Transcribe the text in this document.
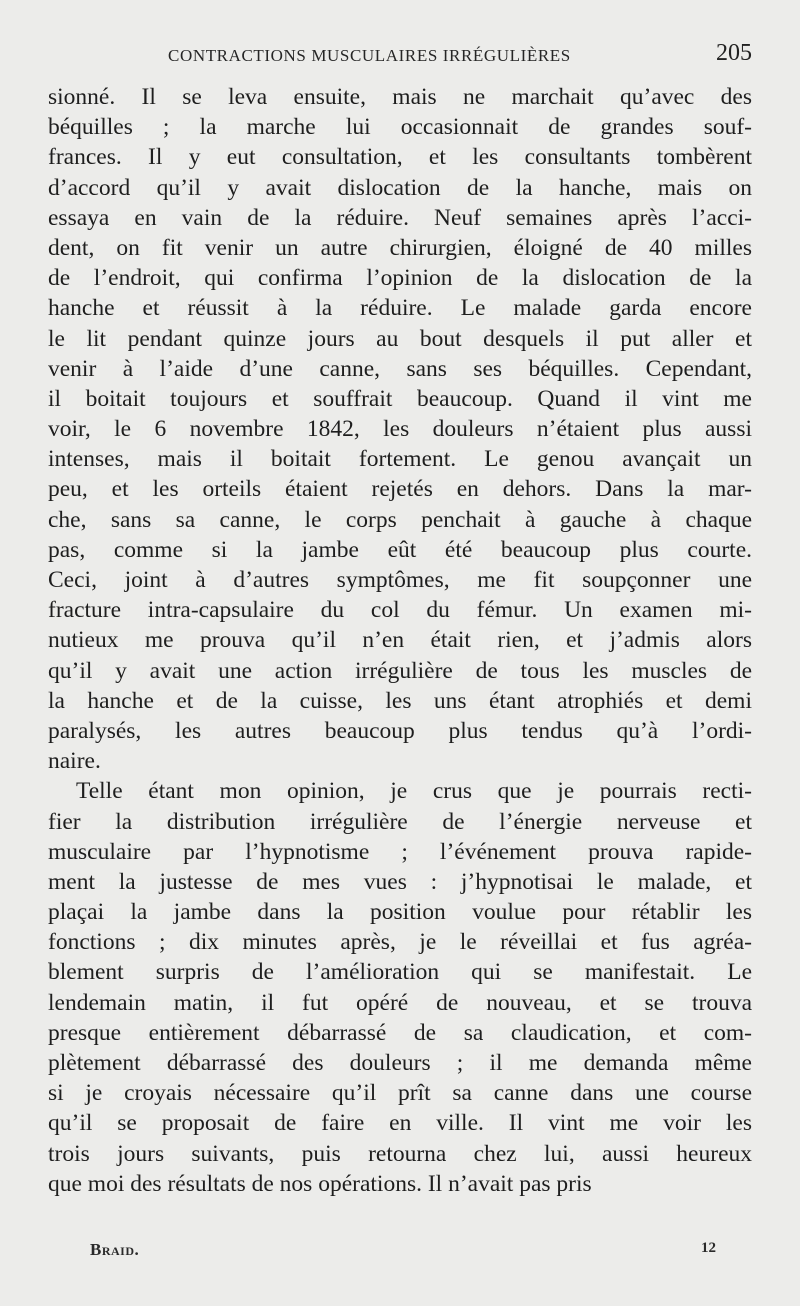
CONTRACTIONS MUSCULAIRES IRRÉGULIÈRES	205
sionné. Il se leva ensuite, mais ne marchait qu’avec des
béquilles ; la marche lui occasionnait de grandes souf-
frances. Il y eut consultation, et les consultants tombèrent
d’accord qu’il y avait dislocation de la hanche, mais on
essaya en vain de la réduire. Neuf semaines après l’acci-
dent, on fit venir un autre chirurgien, éloigné de 40 milles
de l’endroit, qui confirma l’opinion de la dislocation de la
hanche et réussit à la réduire. Le malade garda encore
le lit pendant quinze jours au bout desquels il put aller et
venir à l’aide d’une canne, sans ses béquilles. Cependant,
il boitait toujours et souffrait beaucoup. Quand il vint me
voir, le 6 novembre 1842, les douleurs n’étaient plus aussi
intenses, mais il boitait fortement. Le genou avançait un
peu, et les orteils étaient rejetés en dehors. Dans la mar-
che, sans sa canne, le corps penchait à gauche à chaque
pas, comme si la jambe eût été beaucoup plus courte.
Ceci, joint à d’autres symptômes, me fit soupçonner une
fracture intra-capsulaire du col du fémur. Un examen mi-
nutieux me prouva qu’il n’en était rien, et j’admis alors
qu’il y avait une action irrégulière de tous les muscles de
la hanche et de la cuisse, les uns étant atrophiés et demi
paralysés, les autres beaucoup plus tendus qu’à l’ordi-
naire.
Telle étant mon opinion, je crus que je pourrais recti-
fier la distribution irrégulière de l’énergie nerveuse et
musculaire par l’hypnotisme ; l’événement prouva rapide-
ment la justesse de mes vues : j’hypnotisai le malade, et
plaçai la jambe dans la position voulue pour rétablir les
fonctions ; dix minutes après, je le réveillai et fus agréa-
blement surpris de l’amélioration qui se manifestait. Le
lendemain matin, il fut opéré de nouveau, et se trouva
presque entièrement débarrassé de sa claudication, et com-
plètement débarrassé des douleurs ; il me demanda même
si je croyais nécessaire qu’il prît sa canne dans une course
qu’il se proposait de faire en ville. Il vint me voir les
trois jours suivants, puis retourna chez lui, aussi heureux
que moi des résultats de nos opérations. Il n’avait pas pris
Braid.	12
